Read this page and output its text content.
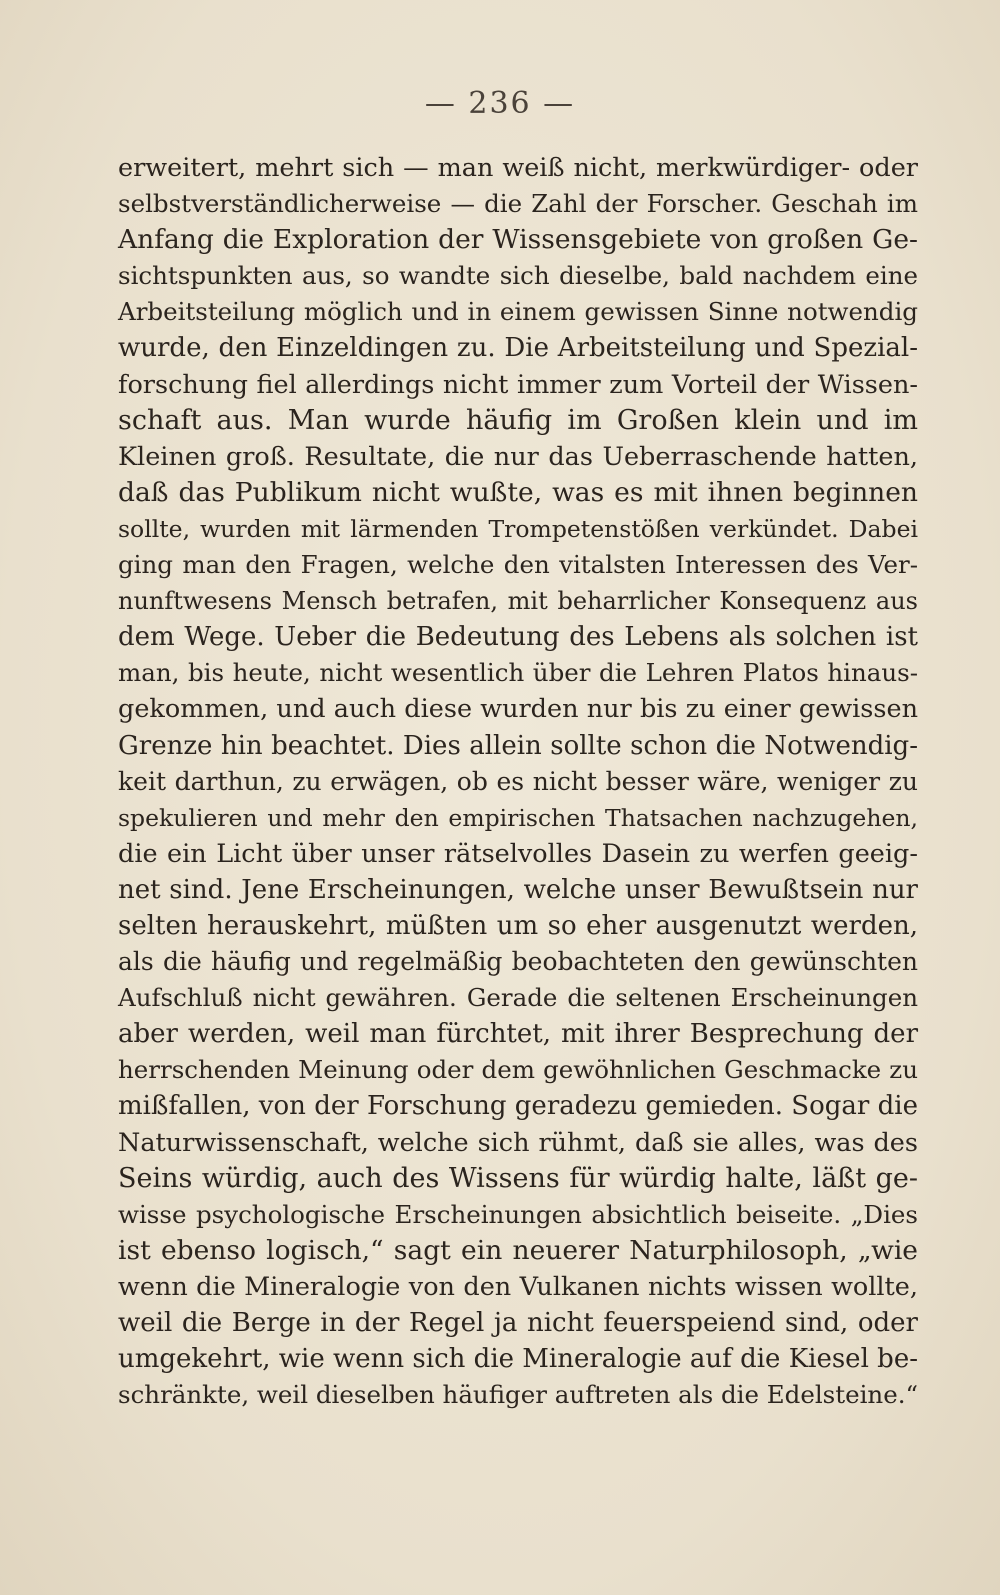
— 236 —
erweitert, mehrt sich — man weiß nicht, merkwürdiger- oder
selbstverständlicherweise — die Zahl der Forscher. Geschah im
Anfang die Exploration der Wissensgebiete von großen Ge-
sichtspunkten aus, so wandte sich dieselbe, bald nachdem eine
Arbeitsteilung möglich und in einem gewissen Sinne notwendig
wurde, den Einzeldingen zu. Die Arbeitsteilung und Spezial-
forschung fiel allerdings nicht immer zum Vorteil der Wissen-
schaft aus. Man wurde häufig im Großen klein und im
Kleinen groß. Resultate, die nur das Ueberraschende hatten,
daß das Publikum nicht wußte, was es mit ihnen beginnen
sollte, wurden mit lärmenden Trompetenstößen verkündet. Dabei
ging man den Fragen, welche den vitalsten Interessen des Ver-
nunftwesens Mensch betrafen, mit beharrlicher Konsequenz aus
dem Wege. Ueber die Bedeutung des Lebens als solchen ist
man, bis heute, nicht wesentlich über die Lehren Platos hinaus-
gekommen, und auch diese wurden nur bis zu einer gewissen
Grenze hin beachtet. Dies allein sollte schon die Notwendig-
keit darthun, zu erwägen, ob es nicht besser wäre, weniger zu
spekulieren und mehr den empirischen Thatsachen nachzugehen,
die ein Licht über unser rätselvolles Dasein zu werfen geeig-
net sind. Jene Erscheinungen, welche unser Bewußtsein nur
selten herauskehrt, müßten um so eher ausgenutzt werden,
als die häufig und regelmäßig beobachteten den gewünschten
Aufschluß nicht gewähren. Gerade die seltenen Erscheinungen
aber werden, weil man fürchtet, mit ihrer Besprechung der
herrschenden Meinung oder dem gewöhnlichen Geschmacke zu
mißfallen, von der Forschung geradezu gemieden. Sogar die
Naturwissenschaft, welche sich rühmt, daß sie alles, was des
Seins würdig, auch des Wissens für würdig halte, läßt ge-
wisse psychologische Erscheinungen absichtlich beiseite. „Dies
ist ebenso logisch,“ sagt ein neuerer Naturphilosoph, „wie
wenn die Mineralogie von den Vulkanen nichts wissen wollte,
weil die Berge in der Regel ja nicht feuerspeiend sind, oder
umgekehrt, wie wenn sich die Mineralogie auf die Kiesel be-
schränkte, weil dieselben häufiger auftreten als die Edelsteine.“
